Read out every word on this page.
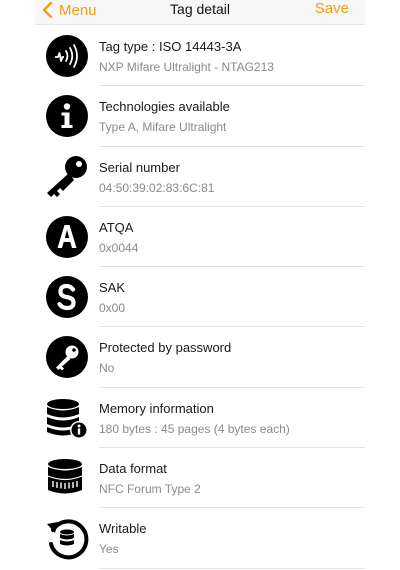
Menu	Tag detail	Save
Tag type : ISO 14443-3A
NXP Mifare Ultralight - NTAG213
Technologies available
Type A, Mifare Ultralight
Serial number
04:50:39:02:83:6C:81
ATQA
0x0044
SAK
0x00
Protected by password
No
Memory information
180 bytes : 45 pages (4 bytes each)
Data format
NFC Forum Type 2
Writable
Yes
